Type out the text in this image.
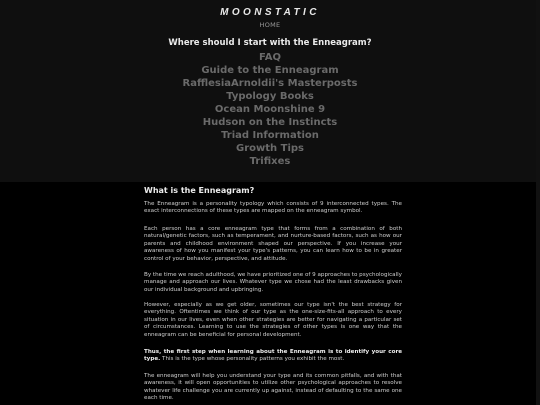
MOONSTATIC
HOME
Where should I start with the Enneagram?
FAQ
Guide to the Enneagram
RafflesiaArnoldii's Masterposts
Typology Books
Ocean Moonshine 9
Hudson on the Instincts
Triad Information
Growth Tips
Trifixes
What is the Enneagram?

The Enneagram is a personality typology which consists of 9 interconnected types. The exact interconnections of these types are mapped on the enneagram symbol.

Each person has a core enneagram type that forms from a combination of both natural/genetic factors, such as temperament, and nurture-based factors, such as how our parents and childhood environment shaped our perspective. If you increase your awareness of how you manifest your type's patterns, you can learn how to be in greater control of your behavior, perspective, and attitude.

By the time we reach adulthood, we have prioritized one of 9 approaches to psychologically manage and approach our lives. Whatever type we chose had the least drawbacks given our individual background and upbringing.

However, especially as we get older, sometimes our type isn't the best strategy for everything. Oftentimes we think of our type as the one-size-fits-all approach to every situation in our lives, even when other strategies are better for navigating a particular set of circumstances. Learning to use the strategies of other types is one way that the enneagram can be beneficial for personal development.

Thus, the first step when learning about the Enneagram is to identify your core type. This is the type whose personality patterns you exhibit the most.

The enneagram will help you understand your type and its common pitfalls, and with that awareness, it will open opportunities to utilize other psychological approaches to resolve whatever life challenge you are currently up against, instead of defaulting to the same one each time.
